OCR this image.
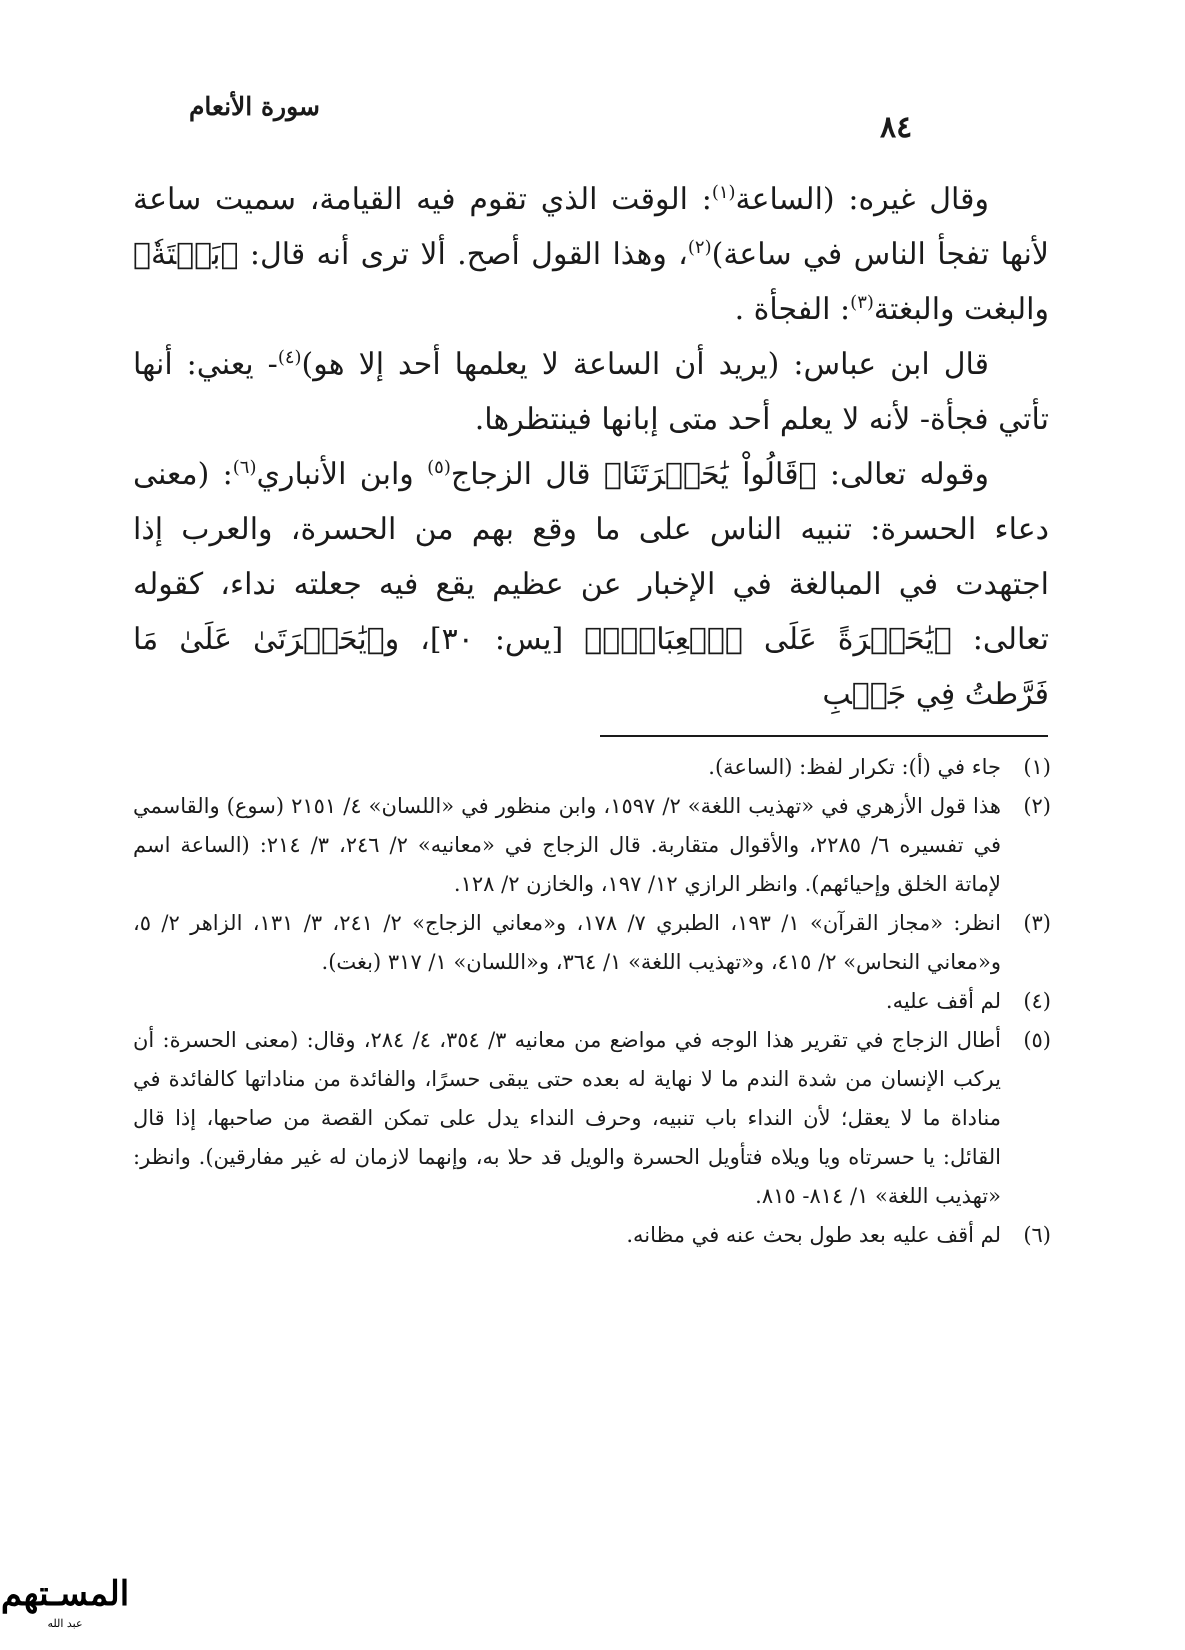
سورة الأنعام
٨٤

وقال غيره: (الساعة$^{(١)}$: الوقت الذي تقوم فيه القيامة، سميت ساعة لأنها تفجأ الناس في ساعة)$^{(٢)}$، وهذا القول أصح. ألا ترى أنه قال: ﴿بَغۡتَةٗ﴾ والبغت والبغتة$^{(٣)}$: الفجأة .

قال ابن عباس: (يريد أن الساعة لا يعلمها أحد إلا هو)$^{(٤)}$- يعني: أنها تأتي فجأة- لأنه لا يعلم أحد متى إبانها فينتظرها.

وقوله تعالى: ﴿قَالُواْ يَٰحَسۡرَتَنَا﴾ قال الزجاج$^{(٥)}$ وابن الأنباري$^{(٦)}$: (معنى دعاء الحسرة: تنبيه الناس على ما وقع بهم من الحسرة، والعرب إذا اجتهدت في المبالغة في الإخبار عن عظيم يقع فيه جعلته نداء، كقوله تعالى: ﴿يَٰحَسۡرَةً عَلَى ٱلۡعِبَادِۚ﴾ [يس: ٣٠]، و﴿يَٰحَسۡرَتَىٰ عَلَىٰ مَا فَرَّطتُ فِي جَنۢبِ

(١)
جاء في (أ): تكرار لفظ: (الساعة).
(٢)
هذا قول الأزهري في «تهذيب اللغة» ٢/ ١٥٩٧، وابن منظور في «اللسان» ٤/ ٢١٥١ (سوع) والقاسمي في تفسيره ٦/ ٢٢٨٥، والأقوال متقاربة. قال الزجاج في «معانيه» ٢/ ٢٤٦، ٣/ ٢١٤: (الساعة اسم لإماتة الخلق وإحيائهم). وانظر الرازي ١٢/ ١٩٧، والخازن ٢/ ١٢٨.
(٣)
انظر: «مجاز القرآن» ١/ ١٩٣، الطبري ٧/ ١٧٨، و«معاني الزجاج» ٢/ ٢٤١، ٣/ ١٣١، الزاهر ٢/ ٥، و«معاني النحاس» ٢/ ٤١٥، و«تهذيب اللغة» ١/ ٣٦٤، و«اللسان» ١/ ٣١٧ (بغت).
(٤)
لم أقف عليه.
(٥)
أطال الزجاج في تقرير هذا الوجه في مواضع من معانيه ٣/ ٣٥٤، ٤/ ٢٨٤، وقال: (معنى الحسرة: أن يركب الإنسان من شدة الندم ما لا نهاية له بعده حتى يبقى حسرًا، والفائدة من مناداتها كالفائدة في مناداة ما لا يعقل؛ لأن النداء باب تنبيه، وحرف النداء يدل على تمكن القصة من صاحبها، إذا قال القائل: يا حسرتاه ويا ويلاه فتأويل الحسرة والويل قد حلا به، وإنهما لازمان له غير مفارقين). وانظر: «تهذيب اللغة» ١/ ٨١٤- ٨١٥.
(٦)
لم أقف عليه بعد طول بحث عنه في مظانه.
المسـتهم
عبد الله
